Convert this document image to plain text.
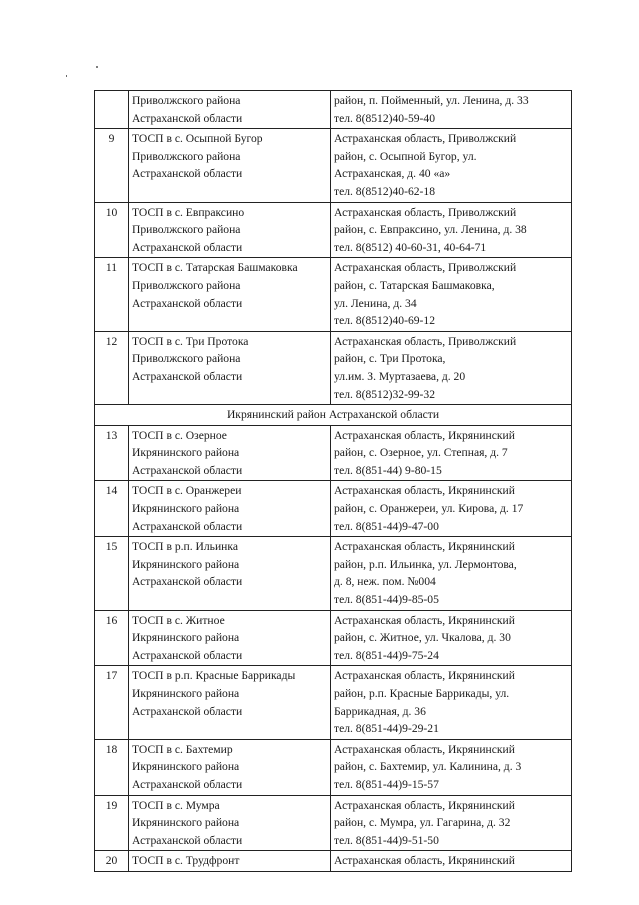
	Приволжского района
Астраханской области	район, п. Пойменный, ул. Ленина, д. 33
тел. 8(8512)40-59-40

9	ТОСП в с. Осыпной Бугор
Приволжского района
Астраханской области	Астраханская область, Приволжский
район, с. Осыпной Бугор, ул.
Астраханская, д. 40 «а»
тел. 8(8512)40-62-18

10	ТОСП в с. Евпраксино
Приволжского района
Астраханской области	Астраханская область, Приволжский
район, с. Евпраксино, ул. Ленина, д. 38
тел. 8(8512) 40-60-31, 40-64-71

11	ТОСП в с. Татарская Башмаковка
Приволжского района
Астраханской области	Астраханская область, Приволжский
район, с. Татарская Башмаковка,
ул. Ленина, д. 34
тел. 8(8512)40-69-12

12	ТОСП в с. Три Протока
Приволжского района
Астраханской области	Астраханская область, Приволжский
район, с. Три Протока,
ул.им. З. Муртазаева, д. 20
тел. 8(8512)32-99-32

Икрянинский район Астраханской области		
13	ТОСП в с. Озерное
Икрянинского района
Астраханской области	Астраханская область, Икрянинский
район, с. Озерное, ул. Степная, д. 7
тел. 8(851-44) 9-80-15

14	ТОСП в с. Оранжереи
Икрянинского района
Астраханской области	Астраханская область, Икрянинский
район, с. Оранжереи, ул. Кирова, д. 17
тел. 8(851-44)9-47-00

15	ТОСП в р.п. Ильинка
Икрянинского района
Астраханской области	Астраханская область, Икрянинский
район, р.п. Ильинка, ул. Лермонтова,
д. 8, неж. пом. №004
тел. 8(851-44)9-85-05

16	ТОСП в с. Житное
Икрянинского района
Астраханской области	Астраханская область, Икрянинский
район, с. Житное, ул. Чкалова, д. 30
тел. 8(851-44)9-75-24

17	ТОСП в р.п. Красные Баррикады
Икрянинского района
Астраханской области	Астраханская область, Икрянинский
район, р.п. Красные Баррикады, ул.
Баррикадная, д. 36
тел. 8(851-44)9-29-21

18	ТОСП в с. Бахтемир
Икрянинского района
Астраханской области	Астраханская область, Икрянинский
район, с. Бахтемир, ул. Калинина, д. 3
тел. 8(851-44)9-15-57

19	ТОСП в с. Мумра
Икрянинского района
Астраханской области	Астраханская область, Икрянинский
район, с. Мумра, ул. Гагарина, д. 32
тел. 8(851-44)9-51-50

20	ТОСП в с. Трудфронт	Астраханская область, Икрянинский
